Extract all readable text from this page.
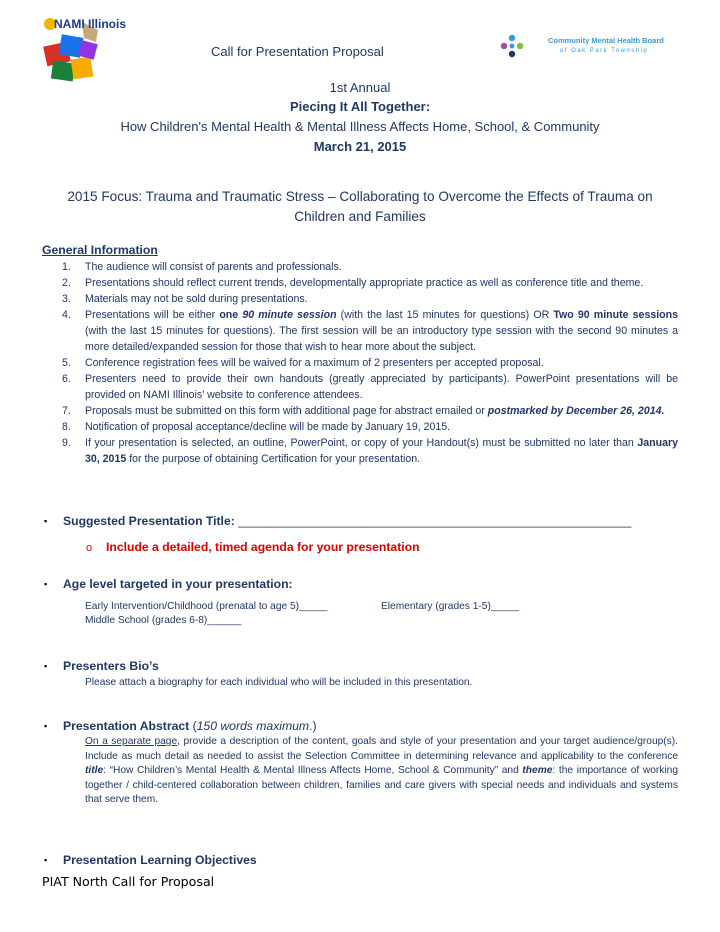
NAMI Illinois
Community Mental Health Board
of Oak Park Township
Call for Presentation Proposal
1st Annual
Piecing It All Together:
How Children's Mental Health & Mental Illness Affects Home, School, & Community
March 21, 2015
2015 Focus: Trauma and Traumatic Stress – Collaborating to Overcome the Effects of Trauma on Children and Families
General Information
1. The audience will consist of parents and professionals.
2. Presentations should reflect current trends, developmentally appropriate practice as well as conference title and theme.
3. Materials may not be sold during presentations.
4. Presentations will be either one 90 minute session (with the last 15 minutes for questions) OR Two 90 minute sessions (with the last 15 minutes for questions). The first session will be an introductory type session with the second 90 minutes a more detailed/expanded session for those that wish to hear more about the subject.
5. Conference registration fees will be waived for a maximum of 2 presenters per accepted proposal.
6. Presenters need to provide their own handouts (greatly appreciated by participants). PowerPoint presentations will be provided on NAMI Illinois’ website to conference attendees.
7. Proposals must be submitted on this form with additional page for abstract emailed or postmarked by December 26, 2014.
8. Notification of proposal acceptance/decline will be made by January 19, 2015.
9. If your presentation is selected, an outline, PowerPoint, or copy of your Handout(s) must be submitted no later than January 30, 2015 for the purpose of obtaining Certification for your presentation.
▪ Suggested Presentation Title: __________________________________________________________
o Include a detailed, timed agenda for your presentation
▪ Age level targeted in your presentation:
Early Intervention/Childhood (prenatal to age 5)_____	Elementary (grades 1-5)_____
Middle School (grades 6-8)______
▪ Presenters Bio’s
Please attach a biography for each individual who will be included in this presentation.
▪ Presentation Abstract (150 words maximum.)
On a separate page, provide a description of the content, goals and style of your presentation and your target audience/group(s). Include as much detail as needed to assist the Selection Committee in determining relevance and applicability to the conference title: “How Children’s Mental Health & Mental Illness Affects Home, School & Community” and theme: the importance of working together / child-centered collaboration between children, families and care givers with special needs and individuals and systems that serve them.
▪ Presentation Learning Objectives
PIAT North Call for Proposal
